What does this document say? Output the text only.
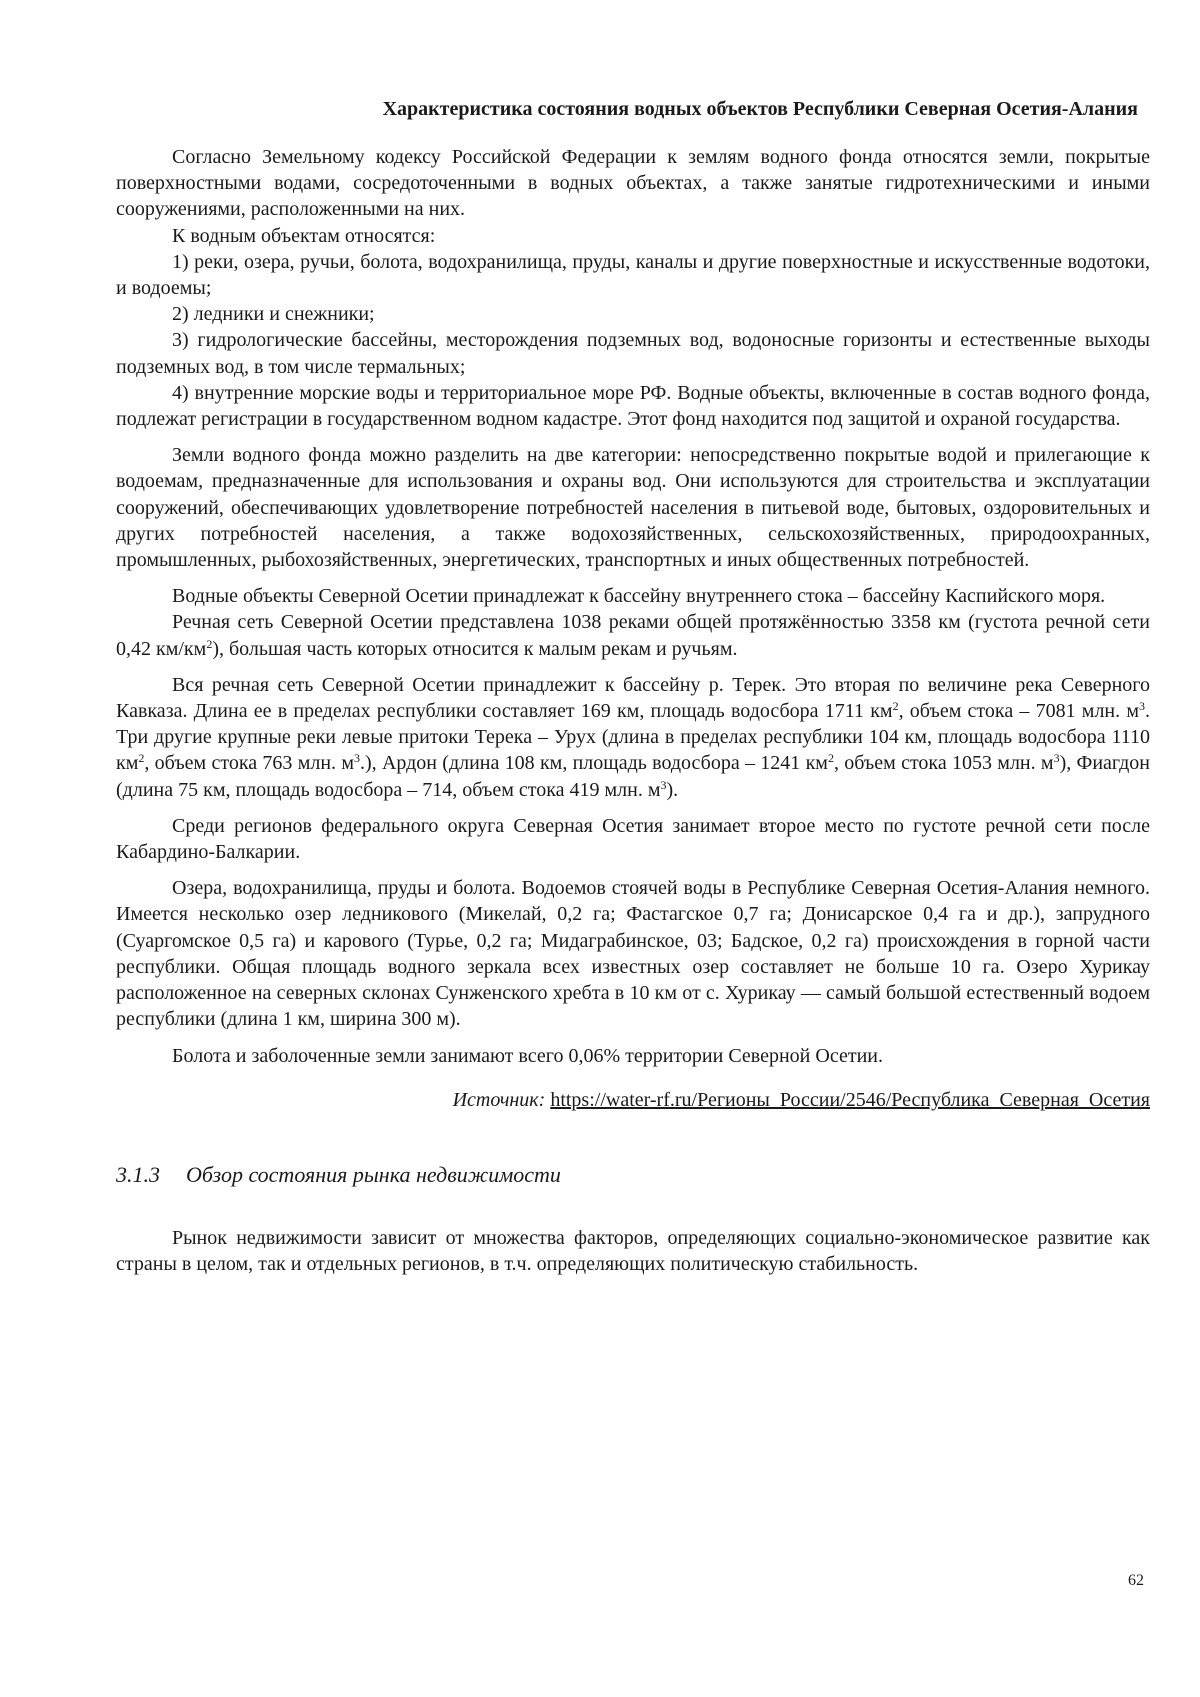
Характеристика состояния водных объектов Республики Северная Осетия-Алания

Согласно Земельному кодексу Российской Федерации к землям водного фонда относятся земли, покрытые поверхностными водами, сосредоточенными в водных объектах, а также занятые гидротехническими и иными сооружениями, расположенными на них.

К водным объектам относятся:

1) реки, озера, ручьи, болота, водохранилища, пруды, каналы и другие поверхностные и искусственные водотоки, и водоемы;

2) ледники и снежники;

3) гидрологические бассейны, месторождения подземных вод, водоносные горизонты и естественные выходы подземных вод, в том числе термальных;

4) внутренние морские воды и территориальное море РФ. Водные объекты, включенные в состав водного фонда, подлежат регистрации в государственном водном кадастре. Этот фонд находится под защитой и охраной государства.

Земли водного фонда можно разделить на две категории: непосредственно покрытые водой и прилегающие к водоемам, предназначенные для использования и охраны вод. Они используются для строительства и эксплуатации сооружений, обеспечивающих удовлетворение потребностей населения в питьевой воде, бытовых, оздоровительных и других потребностей населения, а также водохозяйственных, сельскохозяйственных, природоохранных, промышленных, рыбохозяйственных, энергетических, транспортных и иных общественных потребностей.

Водные объекты Северной Осетии принадлежат к бассейну внутреннего стока – бассейну Каспийского моря.

Речная сеть Северной Осетии представлена 1038 реками общей протяжённостью 3358 км (густота речной сети 0,42 $км/км^2$), большая часть которых относится к малым рекам и ручьям.

Вся речная сеть Северной Осетии принадлежит к бассейну р. Терек. Это вторая по величине река Северного Кавказа. Длина ее в пределах республики составляет 169 км, площадь водосбора 1711 $км^2$, объем стока – 7081 млн. $м^3$. Три другие крупные реки левые притоки Терека – Урух (длина в пределах республики 104 км, площадь водосбора 1110 $км^2$, объем стока 763 млн. $м^3$.), Ардон (длина 108 км, площадь водосбора – 1241 $км^2$, объем стока 1053 млн. $м^3$), Фиагдон (длина 75 км, площадь водосбора – 714, объем стока 419 млн. $м^3$).

Среди регионов федерального округа Северная Осетия занимает второе место по густоте речной сети после Кабардино-Балкарии.

Озера, водохранилища, пруды и болота. Водоемов стоячей воды в Республике Северная Осетия-Алания немного. Имеется несколько озер ледникового (Микелай, 0,2 га; Фастагское 0,7 га; Донисарское 0,4 га и др.), запрудного (Суаргомское 0,5 га) и карового (Турье, 0,2 га; Мидаграбинское, 03; Бадское, 0,2 га) происхождения в горной части республики. Общая площадь водного зеркала всех известных озер составляет не больше 10 га. Озеро Хурикау расположенное на северных склонах Сунженского хребта в 10 км от с. Хурикау — самый большой естественный водоем республики (длина 1 км, ширина 300 м).

Болота и заболоченные земли занимают всего 0,06% территории Северной Осетии.

Источник: https://water-rf.ru/Регионы_России/2546/Республика_Северная_Осетия
3.1.3 Обзор состояния рынка недвижимости

Рынок недвижимости зависит от множества факторов, определяющих социально-экономическое развитие как страны в целом, так и отдельных регионов, в т.ч. определяющих политическую стабильность.

62
